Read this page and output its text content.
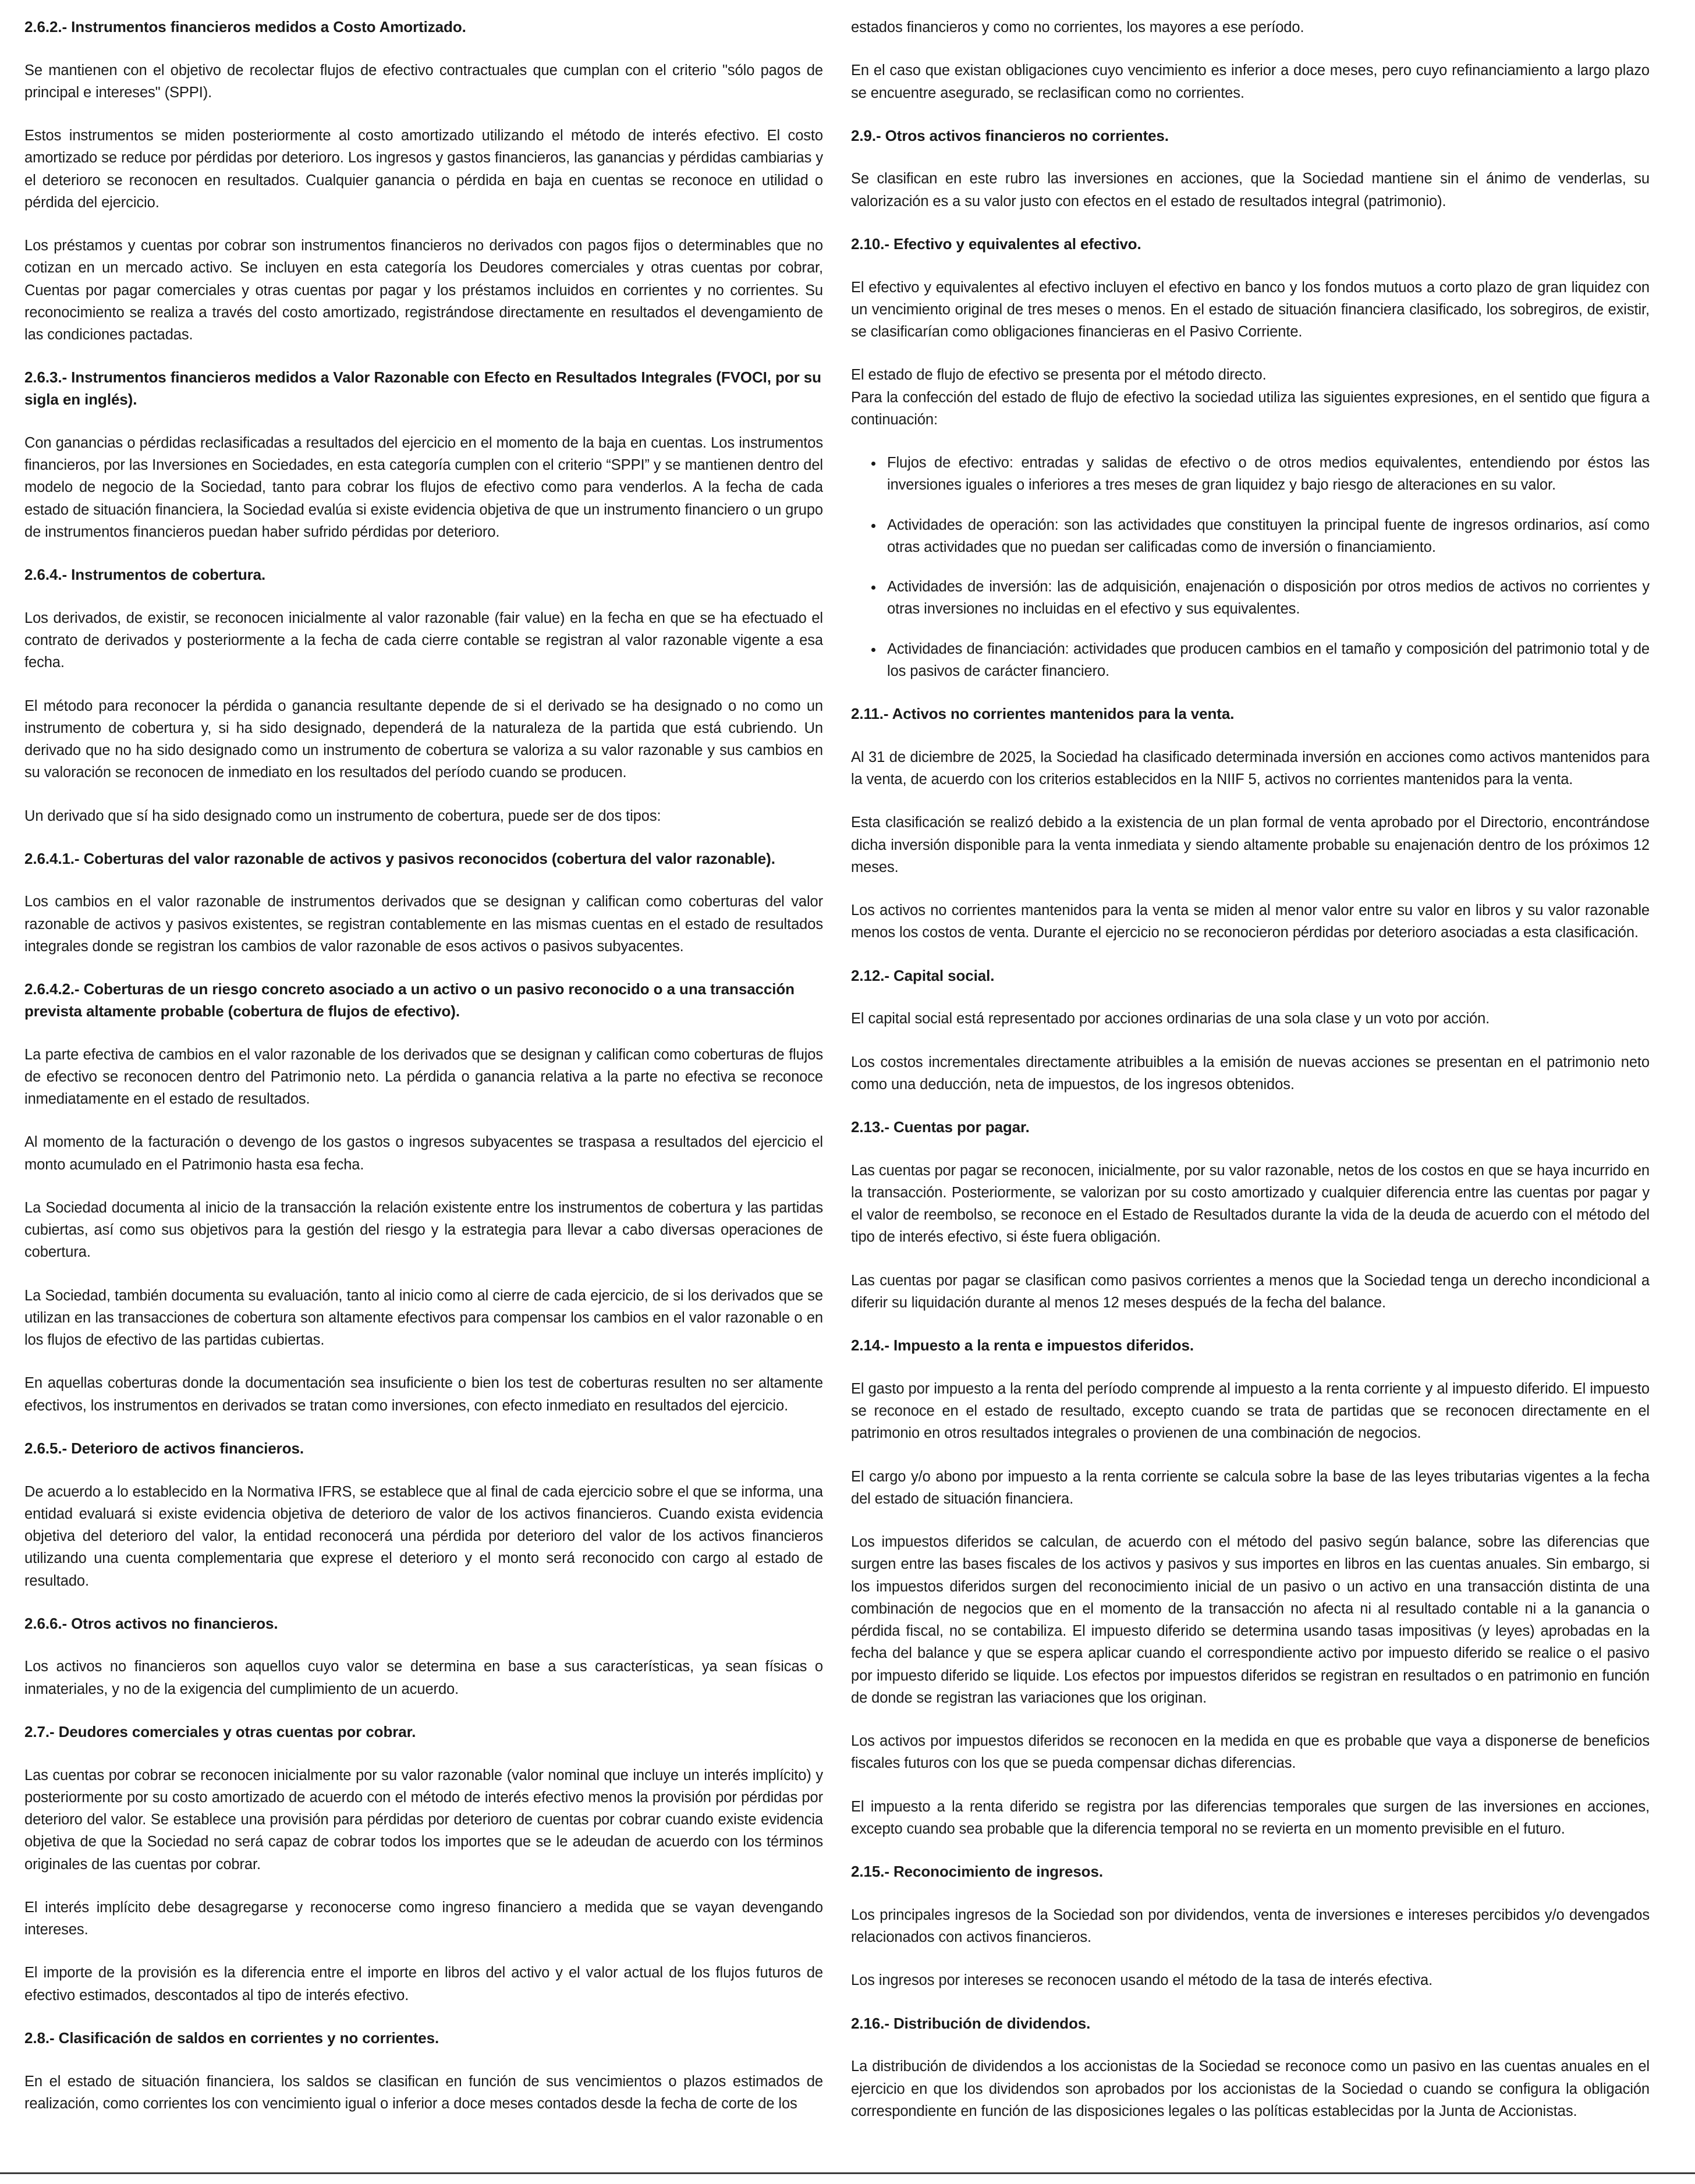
2.6.2.- Instrumentos financieros medidos a Costo Amortizado.

Se mantienen con el objetivo de recolectar flujos de efectivo contractuales que cumplan con el criterio "sólo pagos de principal e intereses" (SPPI).

Estos instrumentos se miden posteriormente al costo amortizado utilizando el método de interés efectivo. El costo amortizado se reduce por pérdidas por deterioro. Los ingresos y gastos financieros, las ganancias y pérdidas cambiarias y el deterioro se reconocen en resultados. Cualquier ganancia o pérdida en baja en cuentas se reconoce en utilidad o pérdida del ejercicio.

Los préstamos y cuentas por cobrar son instrumentos financieros no derivados con pagos fijos o determinables que no cotizan en un mercado activo. Se incluyen en esta categoría los Deudores comerciales y otras cuentas por cobrar, Cuentas por pagar comerciales y otras cuentas por pagar y los préstamos incluidos en corrientes y no corrientes. Su reconocimiento se realiza a través del costo amortizado, registrándose directamente en resultados el devengamiento de las condiciones pactadas.

2.6.3.- Instrumentos financieros medidos a Valor Razonable con Efecto en Resultados Integrales (FVOCI, por su sigla en inglés).

Con ganancias o pérdidas reclasificadas a resultados del ejercicio en el momento de la baja en cuentas. Los instrumentos financieros, por las Inversiones en Sociedades, en esta categoría cumplen con el criterio “SPPI” y se mantienen dentro del modelo de negocio de la Sociedad, tanto para cobrar los flujos de efectivo como para venderlos. A la fecha de cada estado de situación financiera, la Sociedad evalúa si existe evidencia objetiva de que un instrumento financiero o un grupo de instrumentos financieros puedan haber sufrido pérdidas por deterioro.

2.6.4.- Instrumentos de cobertura.

Los derivados, de existir, se reconocen inicialmente al valor razonable (fair value) en la fecha en que se ha efectuado el contrato de derivados y posteriormente a la fecha de cada cierre contable se registran al valor razonable vigente a esa fecha.

El método para reconocer la pérdida o ganancia resultante depende de si el derivado se ha designado o no como un instrumento de cobertura y, si ha sido designado, dependerá de la naturaleza de la partida que está cubriendo. Un derivado que no ha sido designado como un instrumento de cobertura se valoriza a su valor razonable y sus cambios en su valoración se reconocen de inmediato en los resultados del período cuando se producen.

Un derivado que sí ha sido designado como un instrumento de cobertura, puede ser de dos tipos:

2.6.4.1.- Coberturas del valor razonable de activos y pasivos reconocidos (cobertura del valor razonable).

Los cambios en el valor razonable de instrumentos derivados que se designan y califican como coberturas del valor razonable de activos y pasivos existentes, se registran contablemente en las mismas cuentas en el estado de resultados integrales donde se registran los cambios de valor razonable de esos activos o pasivos subyacentes.

2.6.4.2.- Coberturas de un riesgo concreto asociado a un activo o un pasivo reconocido o a una transacción prevista altamente probable (cobertura de flujos de efectivo).

La parte efectiva de cambios en el valor razonable de los derivados que se designan y califican como coberturas de flujos de efectivo se reconocen dentro del Patrimonio neto. La pérdida o ganancia relativa a la parte no efectiva se reconoce inmediatamente en el estado de resultados.

Al momento de la facturación o devengo de los gastos o ingresos subyacentes se traspasa a resultados del ejercicio el monto acumulado en el Patrimonio hasta esa fecha.

La Sociedad documenta al inicio de la transacción la relación existente entre los instrumentos de cobertura y las partidas cubiertas, así como sus objetivos para la gestión del riesgo y la estrategia para llevar a cabo diversas operaciones de cobertura.

La Sociedad, también documenta su evaluación, tanto al inicio como al cierre de cada ejercicio, de si los derivados que se utilizan en las transacciones de cobertura son altamente efectivos para compensar los cambios en el valor razonable o en los flujos de efectivo de las partidas cubiertas.

En aquellas coberturas donde la documentación sea insuficiente o bien los test de coberturas resulten no ser altamente efectivos, los instrumentos en derivados se tratan como inversiones, con efecto inmediato en resultados del ejercicio.

2.6.5.- Deterioro de activos financieros.

De acuerdo a lo establecido en la Normativa IFRS, se establece que al final de cada ejercicio sobre el que se informa, una entidad evaluará si existe evidencia objetiva de deterioro de valor de los activos financieros. Cuando exista evidencia objetiva del deterioro del valor, la entidad reconocerá una pérdida por deterioro del valor de los activos financieros utilizando una cuenta complementaria que exprese el deterioro y el monto será reconocido con cargo al estado de resultado.

2.6.6.- Otros activos no financieros.

Los activos no financieros son aquellos cuyo valor se determina en base a sus características, ya sean físicas o inmateriales, y no de la exigencia del cumplimiento de un acuerdo.

2.7.- Deudores comerciales y otras cuentas por cobrar.

Las cuentas por cobrar se reconocen inicialmente por su valor razonable (valor nominal que incluye un interés implícito) y posteriormente por su costo amortizado de acuerdo con el método de interés efectivo menos la provisión por pérdidas por deterioro del valor. Se establece una provisión para pérdidas por deterioro de cuentas por cobrar cuando existe evidencia objetiva de que la Sociedad no será capaz de cobrar todos los importes que se le adeudan de acuerdo con los términos originales de las cuentas por cobrar.

El interés implícito debe desagregarse y reconocerse como ingreso financiero a medida que se vayan devengando intereses.

El importe de la provisión es la diferencia entre el importe en libros del activo y el valor actual de los flujos futuros de efectivo estimados, descontados al tipo de interés efectivo.

2.8.- Clasificación de saldos en corrientes y no corrientes.

En el estado de situación financiera, los saldos se clasifican en función de sus vencimientos o plazos estimados de realización, como corrientes los con vencimiento igual o inferior a doce meses contados desde la fecha de corte de los

estados financieros y como no corrientes, los mayores a ese período.

En el caso que existan obligaciones cuyo vencimiento es inferior a doce meses, pero cuyo refinanciamiento a largo plazo se encuentre asegurado, se reclasifican como no corrientes.

2.9.- Otros activos financieros no corrientes.

Se clasifican en este rubro las inversiones en acciones, que la Sociedad mantiene sin el ánimo de venderlas, su valorización es a su valor justo con efectos en el estado de resultados integral (patrimonio).

2.10.- Efectivo y equivalentes al efectivo.

El efectivo y equivalentes al efectivo incluyen el efectivo en banco y los fondos mutuos a corto plazo de gran liquidez con un vencimiento original de tres meses o menos. En el estado de situación financiera clasificado, los sobregiros, de existir, se clasificarían como obligaciones financieras en el Pasivo Corriente.

El estado de flujo de efectivo se presenta por el método directo.

Para la confección del estado de flujo de efectivo la sociedad utiliza las siguientes expresiones, en el sentido que figura a continuación:

• Flujos de efectivo: entradas y salidas de efectivo o de otros medios equivalentes, entendiendo por éstos las inversiones iguales o inferiores a tres meses de gran liquidez y bajo riesgo de alteraciones en su valor.
• Actividades de operación: son las actividades que constituyen la principal fuente de ingresos ordinarios, así como otras actividades que no puedan ser calificadas como de inversión o financiamiento.
• Actividades de inversión: las de adquisición, enajenación o disposición por otros medios de activos no corrientes y otras inversiones no incluidas en el efectivo y sus equivalentes.
• Actividades de financiación: actividades que producen cambios en el tamaño y composición del patrimonio total y de los pasivos de carácter financiero.
2.11.- Activos no corrientes mantenidos para la venta.

Al 31 de diciembre de 2025, la Sociedad ha clasificado determinada inversión en acciones como activos mantenidos para la venta, de acuerdo con los criterios establecidos en la NIIF 5, activos no corrientes mantenidos para la venta.

Esta clasificación se realizó debido a la existencia de un plan formal de venta aprobado por el Directorio, encontrándose dicha inversión disponible para la venta inmediata y siendo altamente probable su enajenación dentro de los próximos 12 meses.

Los activos no corrientes mantenidos para la venta se miden al menor valor entre su valor en libros y su valor razonable menos los costos de venta. Durante el ejercicio no se reconocieron pérdidas por deterioro asociadas a esta clasificación.

2.12.- Capital social.

El capital social está representado por acciones ordinarias de una sola clase y un voto por acción.

Los costos incrementales directamente atribuibles a la emisión de nuevas acciones se presentan en el patrimonio neto como una deducción, neta de impuestos, de los ingresos obtenidos.

2.13.- Cuentas por pagar.

Las cuentas por pagar se reconocen, inicialmente, por su valor razonable, netos de los costos en que se haya incurrido en la transacción. Posteriormente, se valorizan por su costo amortizado y cualquier diferencia entre las cuentas por pagar y el valor de reembolso, se reconoce en el Estado de Resultados durante la vida de la deuda de acuerdo con el método del tipo de interés efectivo, si éste fuera obligación.

Las cuentas por pagar se clasifican como pasivos corrientes a menos que la Sociedad tenga un derecho incondicional a diferir su liquidación durante al menos 12 meses después de la fecha del balance.

2.14.- Impuesto a la renta e impuestos diferidos.

El gasto por impuesto a la renta del período comprende al impuesto a la renta corriente y al impuesto diferido. El impuesto se reconoce en el estado de resultado, excepto cuando se trata de partidas que se reconocen directamente en el patrimonio en otros resultados integrales o provienen de una combinación de negocios.

El cargo y/o abono por impuesto a la renta corriente se calcula sobre la base de las leyes tributarias vigentes a la fecha del estado de situación financiera.

Los impuestos diferidos se calculan, de acuerdo con el método del pasivo según balance, sobre las diferencias que surgen entre las bases fiscales de los activos y pasivos y sus importes en libros en las cuentas anuales. Sin embargo, si los impuestos diferidos surgen del reconocimiento inicial de un pasivo o un activo en una transacción distinta de una combinación de negocios que en el momento de la transacción no afecta ni al resultado contable ni a la ganancia o pérdida fiscal, no se contabiliza. El impuesto diferido se determina usando tasas impositivas (y leyes) aprobadas en la fecha del balance y que se espera aplicar cuando el correspondiente activo por impuesto diferido se realice o el pasivo por impuesto diferido se liquide. Los efectos por impuestos diferidos se registran en resultados o en patrimonio en función de donde se registran las variaciones que los originan.

Los activos por impuestos diferidos se reconocen en la medida en que es probable que vaya a disponerse de beneficios fiscales futuros con los que se pueda compensar dichas diferencias.

El impuesto a la renta diferido se registra por las diferencias temporales que surgen de las inversiones en acciones, excepto cuando sea probable que la diferencia temporal no se revierta en un momento previsible en el futuro.

2.15.- Reconocimiento de ingresos.

Los principales ingresos de la Sociedad son por dividendos, venta de inversiones e intereses percibidos y/o devengados relacionados con activos financieros.

Los ingresos por intereses se reconocen usando el método de la tasa de interés efectiva.

2.16.- Distribución de dividendos.

La distribución de dividendos a los accionistas de la Sociedad se reconoce como un pasivo en las cuentas anuales en el ejercicio en que los dividendos son aprobados por los accionistas de la Sociedad o cuando se configura la obligación correspondiente en función de las disposiciones legales o las políticas establecidas por la Junta de Accionistas.
